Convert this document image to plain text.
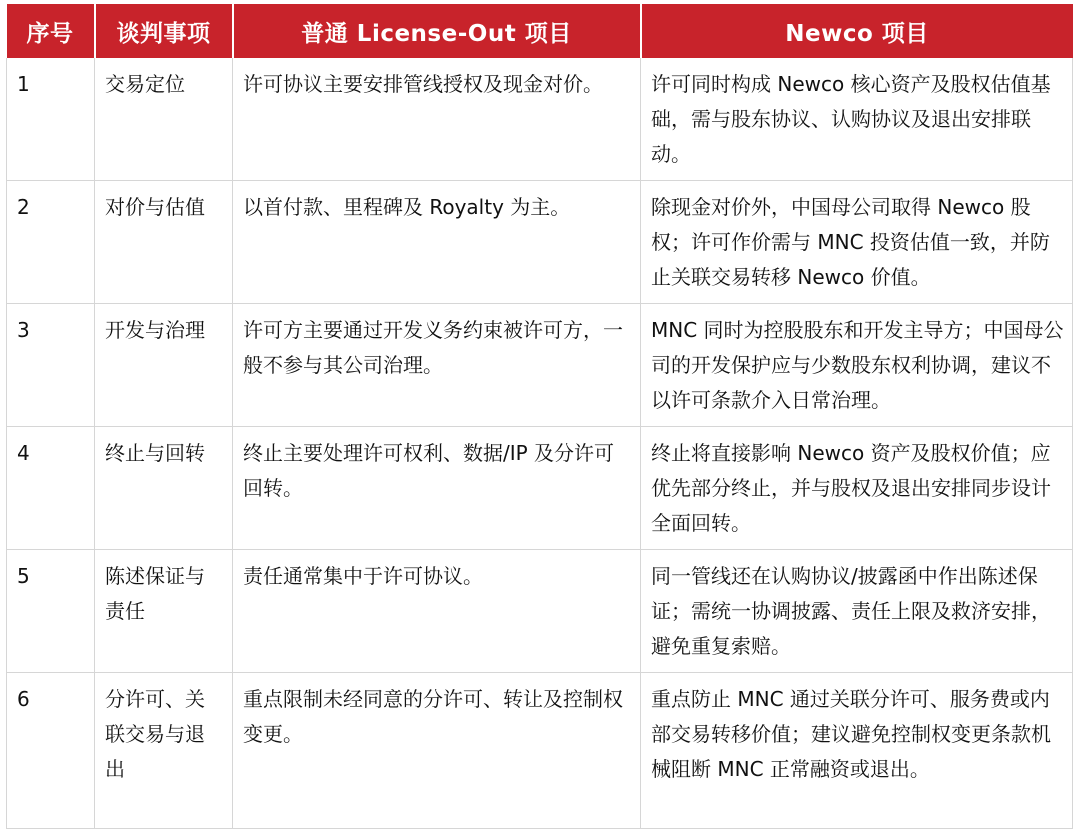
序号	谈判事项	普通 License-Out 项目	Newco 项目
1	交易定位	许可协议主要安排管线授权及现金对价。	许可同时构成 Newco 核心资产及股权估值基础，需与股东协议、认购协议及退出安排联动。
2	对价与估值	以首付款、里程碑及 Royalty 为主。	除现金对价外，中国母公司取得 Newco 股权；许可作价需与 MNC 投资估值一致，并防止关联交易转移 Newco 价值。
3	开发与治理	许可方主要通过开发义务约束被许可方，一般不参与其公司治理。	MNC 同时为控股股东和开发主导方；中国母公司的开发保护应与少数股东权利协调，建议不以许可条款介入日常治理。
4	终止与回转	终止主要处理许可权利、数据/IP 及分许可回转。	终止将直接影响 Newco 资产及股权价值；应优先部分终止，并与股权及退出安排同步设计全面回转。
5	陈述保证与责任	责任通常集中于许可协议。	同一管线还在认购协议/披露函中作出陈述保证；需统一协调披露、责任上限及救济安排，避免重复索赔。
6	分许可、关联交易与退出	重点限制未经同意的分许可、转让及控制权变更。	重点防止 MNC 通过关联分许可、服务费或内部交易转移价值；建议避免控制权变更条款机械阻断 MNC 正常融资或退出。
